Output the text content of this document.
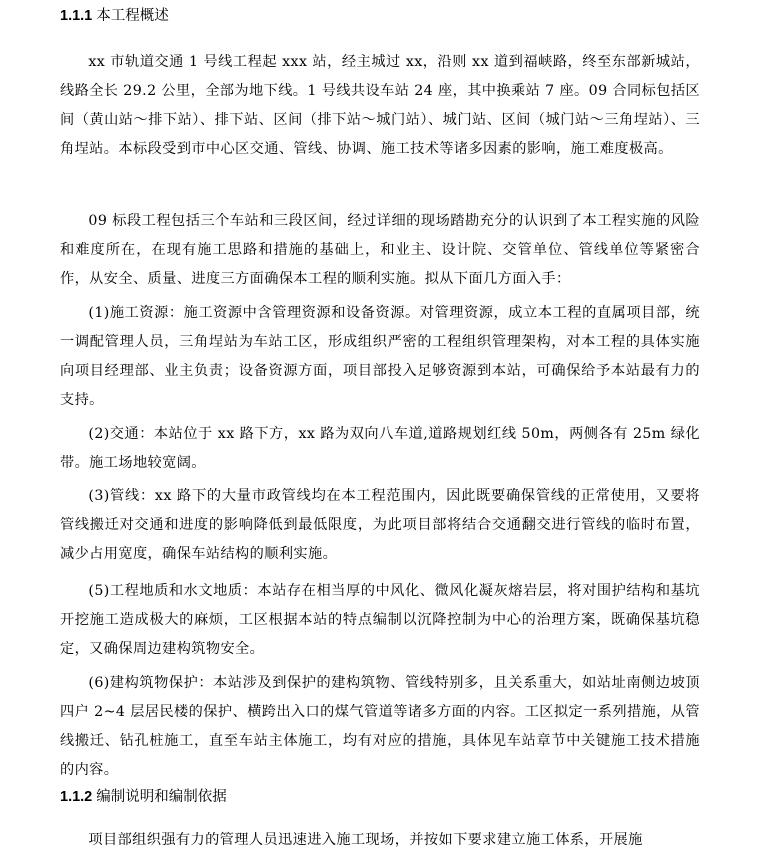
1.1.1 本工程概述

xx 市轨道交通 1 号线工程起 xxx 站，经主城过 xx，沿则 xx 道到福峡路，终至东部新城站，线路全长 29.2 公里，全部为地下线。1 号线共设车站 24 座，其中换乘站 7 座。09 合同标包括区间（黄山站～排下站）、排下站、区间（排下站～城门站）、城门站、区间（城门站～三角埕站）、三角埕站。本标段受到市中心区交通、管线、协调、施工技术等诸多因素的影响，施工难度极高。

09 标段工程包括三个车站和三段区间，经过详细的现场踏勘充分的认识到了本工程实施的风险和难度所在，在现有施工思路和措施的基础上，和业主、设计院、交管单位、管线单位等紧密合作，从安全、质量、进度三方面确保本工程的顺利实施。拟从下面几方面入手：

(1)施工资源：施工资源中含管理资源和设备资源。对管理资源，成立本工程的直属项目部，统一调配管理人员，三角埕站为车站工区，形成组织严密的工程组织管理架构，对本工程的具体实施向项目经理部、业主负责；设备资源方面，项目部投入足够资源到本站，可确保给予本站最有力的支持。

(2)交通：本站位于 xx 路下方，xx 路为双向八车道,道路规划红线 50m，两侧各有 25m 绿化带。施工场地较宽阔。

(3)管线：xx 路下的大量市政管线均在本工程范围内，因此既要确保管线的正常使用，又要将管线搬迁对交通和进度的影响降低到最低限度，为此项目部将结合交通翻交进行管线的临时布置，减少占用宽度，确保车站结构的顺利实施。

(5)工程地质和水文地质：本站存在相当厚的中风化、微风化凝灰熔岩层，将对围护结构和基坑开挖施工造成极大的麻烦，工区根据本站的特点编制以沉降控制为中心的治理方案，既确保基坑稳定，又确保周边建构筑物安全。

(6)建构筑物保护：本站涉及到保护的建构筑物、管线特别多，且关系重大，如站址南侧边坡顶四户 2~4 层居民楼的保护、横跨出入口的煤气管道等诸多方面的内容。工区拟定一系列措施，从管线搬迁、钻孔桩施工，直至车站主体施工，均有对应的措施，具体见车站章节中关键施工技术措施的内容。

1.1.2 编制说明和编制依据

项目部组织强有力的管理人员迅速进入施工现场，并按如下要求建立施工体系，开展施
